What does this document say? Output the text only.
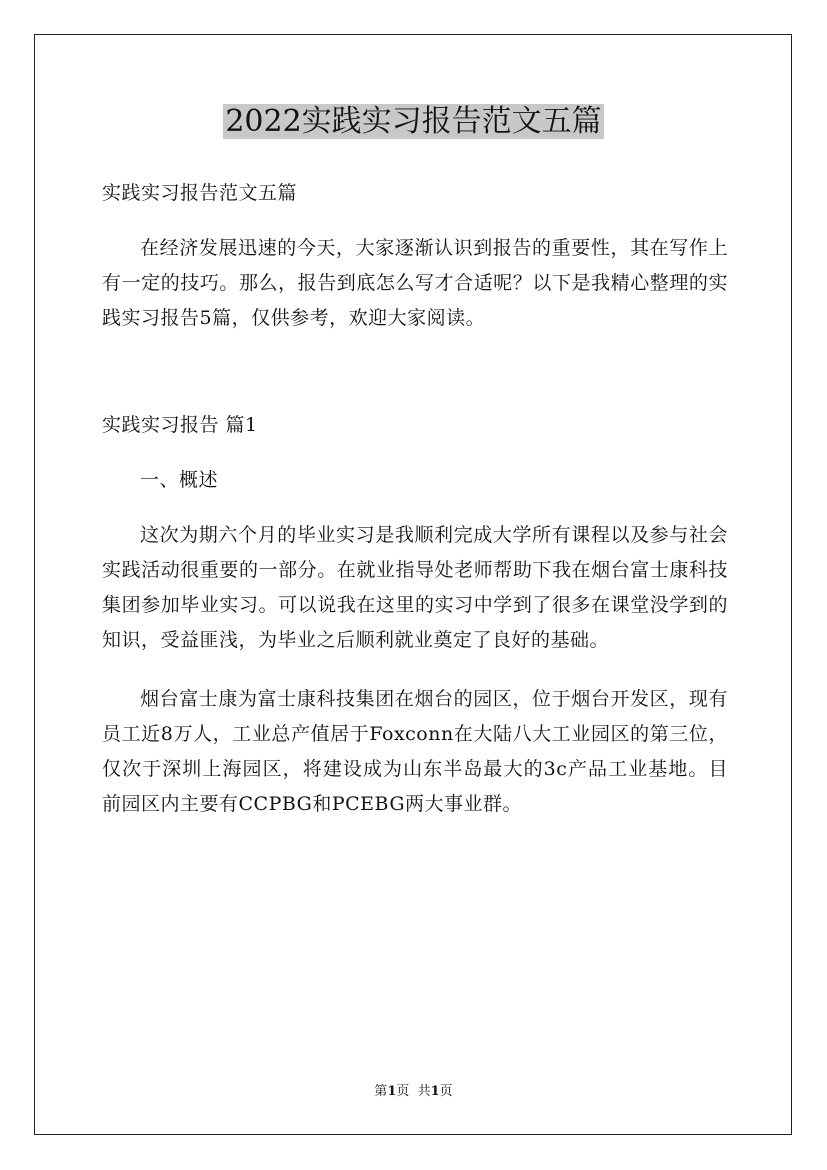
2022实践实习报告范文五篇

实践实习报告范文五篇

在经济发展迅速的今天，大家逐渐认识到报告的重要性，其在写作上有一定的技巧。那么，报告到底怎么写才合适呢？以下是我精心整理的实践实习报告5篇，仅供参考，欢迎大家阅读。

实践实习报告 篇1

一、概述

这次为期六个月的毕业实习是我顺利完成大学所有课程以及参与社会实践活动很重要的一部分。在就业指导处老师帮助下我在烟台富士康科技集团参加毕业实习。可以说我在这里的实习中学到了很多在课堂没学到的知识，受益匪浅，为毕业之后顺利就业奠定了良好的基础。

烟台富士康为富士康科技集团在烟台的园区，位于烟台开发区，现有员工近8万人，工业总产值居于Foxconn在大陆八大工业园区的第三位，仅次于深圳上海园区，将建设成为山东半岛最大的3c产品工业基地。目前园区内主要有CCPBG和PCEBG两大事业群。

第1页  共1页
